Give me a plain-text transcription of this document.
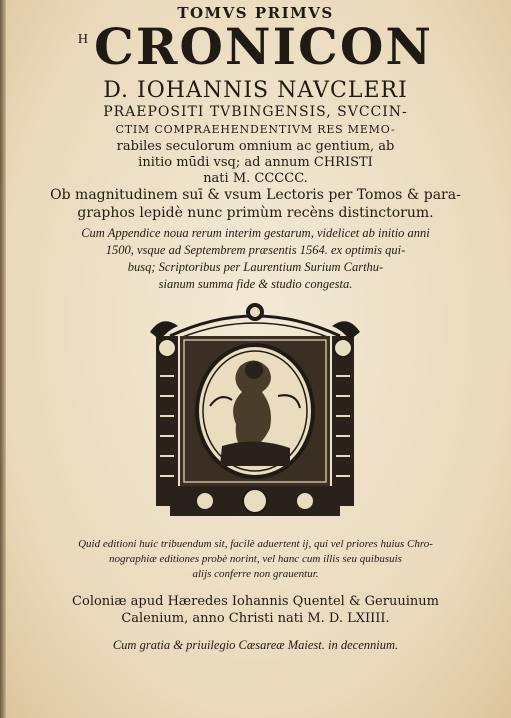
TOMVS PRIMVS
H CRONICON
D. IOHANNIS NAVCLERI
PRAEPOSITI TVBINGENSIS, SVCCIN-
CTIM COMPRAEHENDENTIVM RES MEMO-
rabiles seculorum omnium ac gentium, ab
initio mūdi vsq; ad annum CHRISTI
nati M. CCCCC.
Ob magnitudinem suī & vsum Lectoris per Tomos & para-
graphos lepidè nunc primùm recèns distinctorum.
Cum Appendice noua rerum interim gestarum, videlicet ab initio anni
1500, vsque ad Septembrem præsentis 1564. ex optimis qui-
busq; Scriptoribus per Laurentium Surium Carthu-
sianum summa fide & studio congesta.
Quid editioni huic tribuendum sit, facilè aduertent ij, qui vel priores huius Chro-
nographiæ editiones probè norint, vel hanc cum illis seu quibusuis
alijs conferre non grauentur.
Coloniæ apud Hæredes Iohannis Quentel & Geruuinum
Calenium, anno Christi nati M. D. LXIIII.
Cum gratia & priuilegio Cæsareæ Maiest. in decennium.
